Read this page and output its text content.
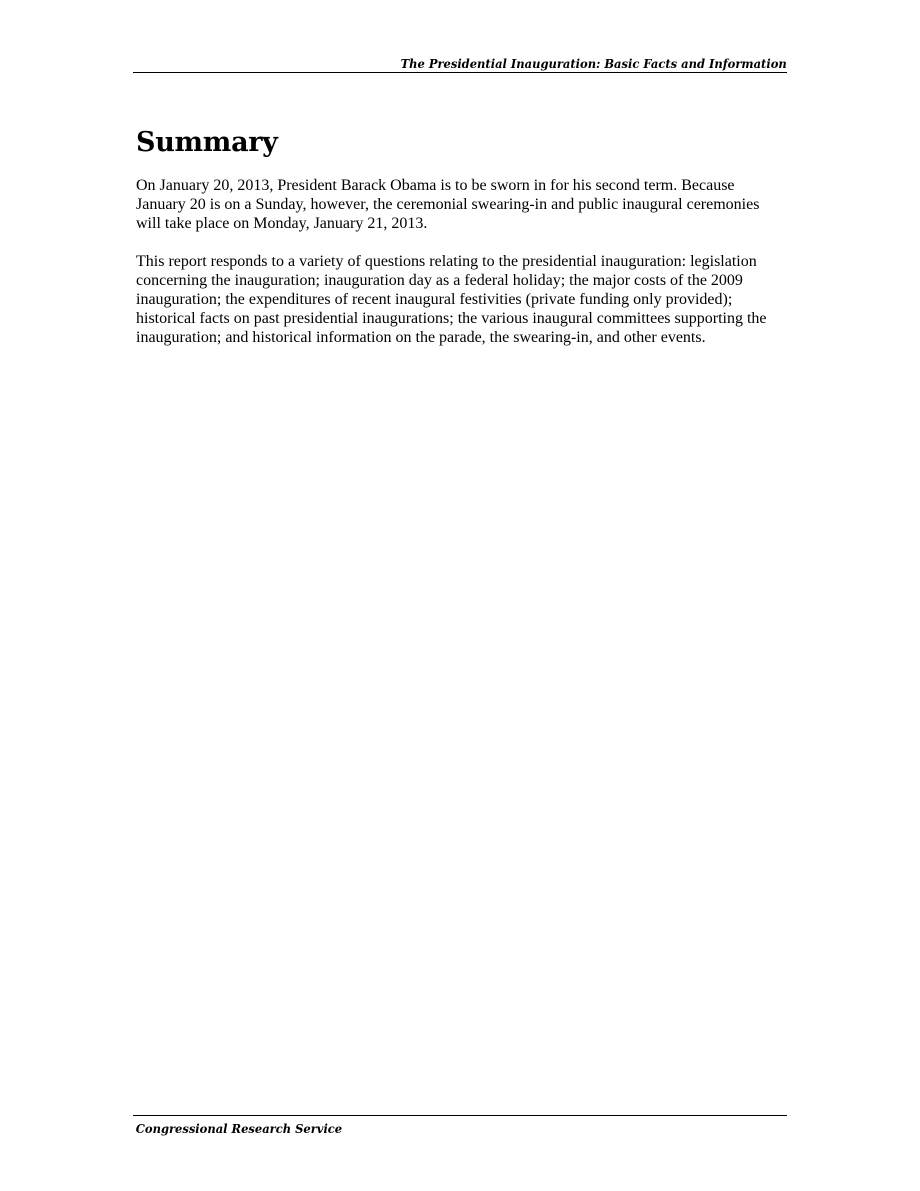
The Presidential Inauguration: Basic Facts and Information
Summary

On January 20, 2013, President Barack Obama is to be sworn in for his second term. Because January 20 is on a Sunday, however, the ceremonial swearing-in and public inaugural ceremonies will take place on Monday, January 21, 2013.

This report responds to a variety of questions relating to the presidential inauguration: legislation concerning the inauguration; inauguration day as a federal holiday; the major costs of the 2009 inauguration; the expenditures of recent inaugural festivities (private funding only provided); historical facts on past presidential inaugurations; the various inaugural committees supporting the inauguration; and historical information on the parade, the swearing-in, and other events.

Congressional Research Service
